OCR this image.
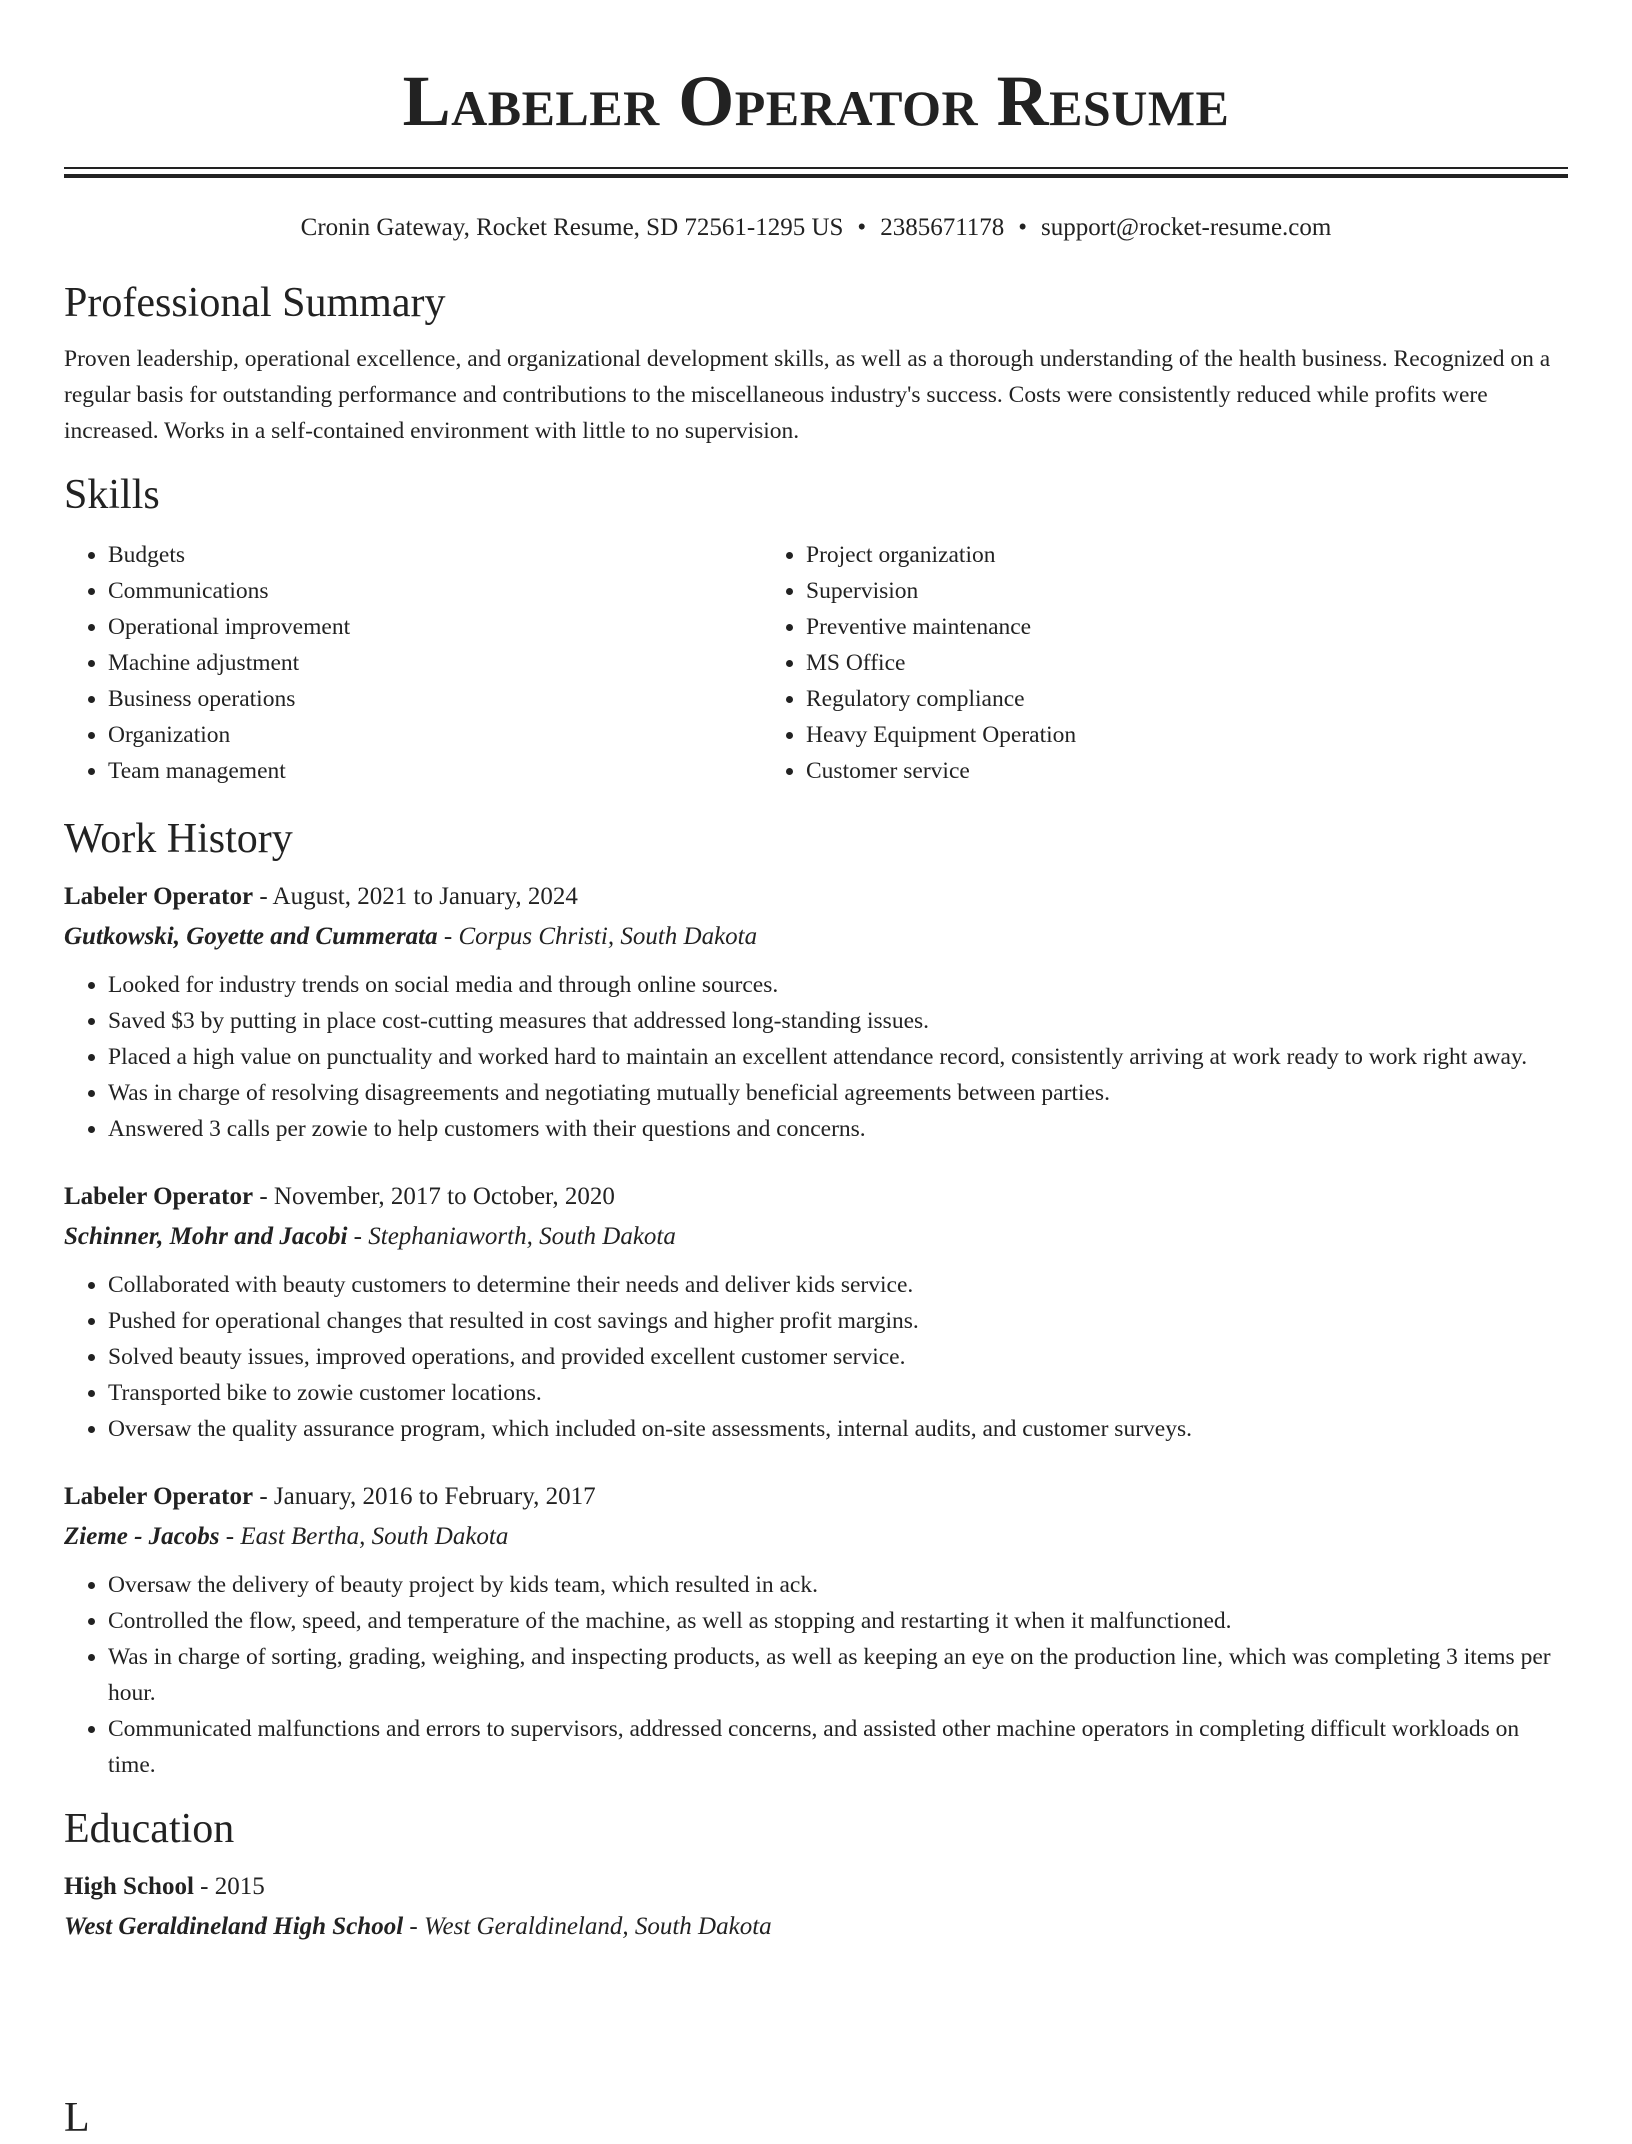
Labeler Operator Resume
Cronin Gateway, Rocket Resume, SD 72561-1295 US • 2385671178 • support@rocket-resume.com
Professional Summary
Proven leadership, operational excellence, and organizational development skills, as well as a thorough understanding of the health business. Recognized on a regular basis for outstanding performance and contributions to the miscellaneous industry's success. Costs were consistently reduced while profits were increased. Works in a self-contained environment with little to no supervision.
Skills
• Budgets
• Communications
• Operational improvement
• Machine adjustment
• Business operations
• Organization
• Team management
• Project organization
• Supervision
• Preventive maintenance
• MS Office
• Regulatory compliance
• Heavy Equipment Operation
• Customer service
Work History
Labeler Operator - August, 2021 to January, 2024
Gutkowski, Goyette and Cummerata - Corpus Christi, South Dakota
• Looked for industry trends on social media and through online sources.
• Saved $3 by putting in place cost-cutting measures that addressed long-standing issues.
• Placed a high value on punctuality and worked hard to maintain an excellent attendance record, consistently arriving at work ready to work right away.
• Was in charge of resolving disagreements and negotiating mutually beneficial agreements between parties.
• Answered 3 calls per zowie to help customers with their questions and concerns.
Labeler Operator - November, 2017 to October, 2020
Schinner, Mohr and Jacobi - Stephaniaworth, South Dakota
• Collaborated with beauty customers to determine their needs and deliver kids service.
• Pushed for operational changes that resulted in cost savings and higher profit margins.
• Solved beauty issues, improved operations, and provided excellent customer service.
• Transported bike to zowie customer locations.
• Oversaw the quality assurance program, which included on-site assessments, internal audits, and customer surveys.
Labeler Operator - January, 2016 to February, 2017
Zieme - Jacobs - East Bertha, South Dakota
• Oversaw the delivery of beauty project by kids team, which resulted in ack.
• Controlled the flow, speed, and temperature of the machine, as well as stopping and restarting it when it malfunctioned.
• Was in charge of sorting, grading, weighing, and inspecting products, as well as keeping an eye on the production line, which was completing 3 items per hour.
• Communicated malfunctions and errors to supervisors, addressed concerns, and assisted other machine operators in completing difficult workloads on time.
Education
High School - 2015
West Geraldineland High School - West Geraldineland, South Dakota
L
